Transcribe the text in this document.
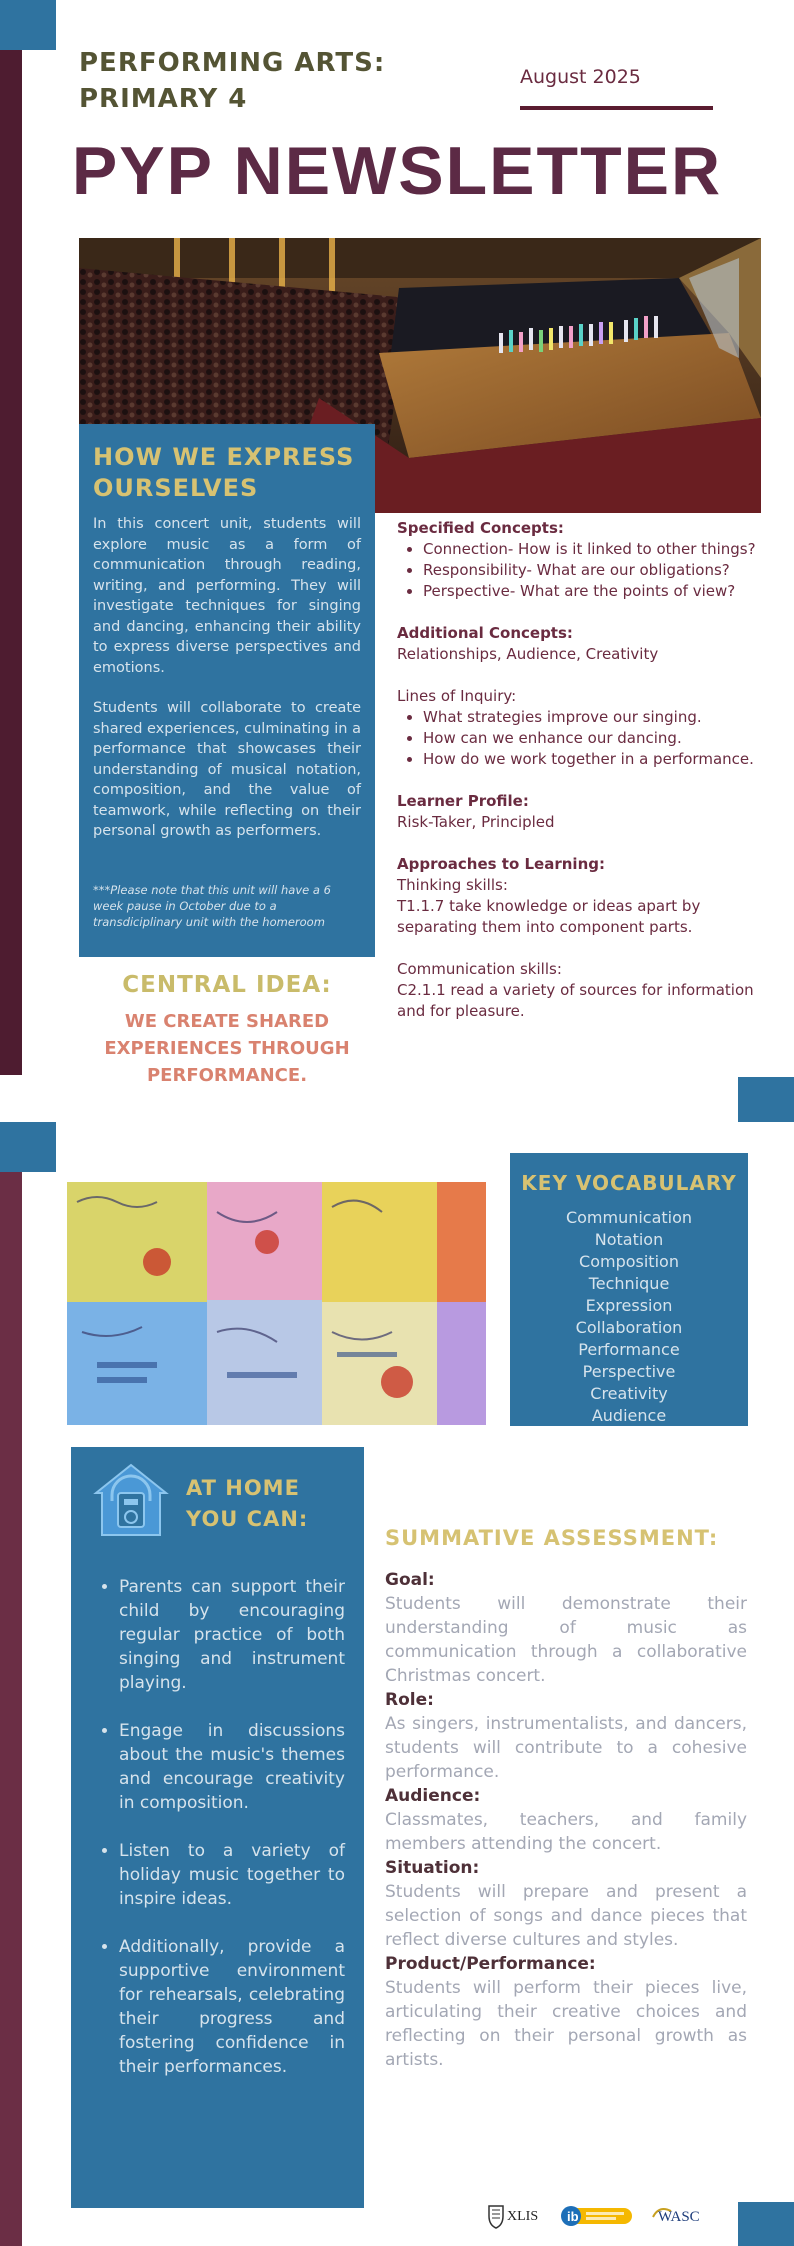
PERFORMING ARTS: PRIMARY 4
August 2025
PYP NEWSLETTER
HOW WE EXPRESS OURSELVES

In this concert unit, students will explore music as a form of communication through reading, writing, and performing. They will investigate techniques for singing and dancing, enhancing their ability to express diverse perspectives and emotions.

Students will collaborate to create shared experiences, culminating in a performance that showcases their understanding of musical notation, composition, and the value of teamwork, while reflecting on their personal growth as performers.

***Please note that this unit will have a 6 week pause in October due to a transdiciplinary unit with the homeroom

CENTRAL IDEA:
WE CREATE SHARED EXPERIENCES THROUGH PERFORMANCE.
Specified Concepts:
• Connection- How is it linked to other things?
• Responsibility- What are our obligations?
• Perspective- What are the points of view?
Additional Concepts:
Relationships, Audience, Creativity
Lines of Inquiry:
• What strategies improve our singing.
• How can we enhance our dancing.
• How do we work together in a performance.
Learner Profile:
Risk-Taker, Principled
Approaches to Learning:
Thinking skills:
T1.1.7 take knowledge or ideas apart by separating them into component parts.
Communication skills:
C2.1.1 read a variety of sources for information and for pleasure.
KEY VOCABULARY
Communication
Notation
Composition
Technique
Expression
Collaboration
Performance
Perspective
Creativity
Audience
AT HOME YOU CAN:
• Parents can support their child by encouraging regular practice of both singing and instrument playing.
• Engage in discussions about the music's themes and encourage creativity in composition.
• Listen to a variety of holiday music together to inspire ideas.
• Additionally, provide a supportive environment for rehearsals, celebrating their progress and fostering confidence in their performances.
SUMMATIVE ASSESSMENT:
Goal:
Students will demonstrate their understanding of music as communication through a collaborative Christmas concert.
Role:
As singers, instrumentalists, and dancers, students will contribute to a cohesive performance.
Audience:
Classmates, teachers, and family members attending the concert.
Situation:
Students will prepare and present a selection of songs and dance pieces that reflect diverse cultures and styles.
Product/Performance:
Students will perform their pieces live, articulating their creative choices and reflecting on their personal growth as artists.
XLIS ib	WASC
